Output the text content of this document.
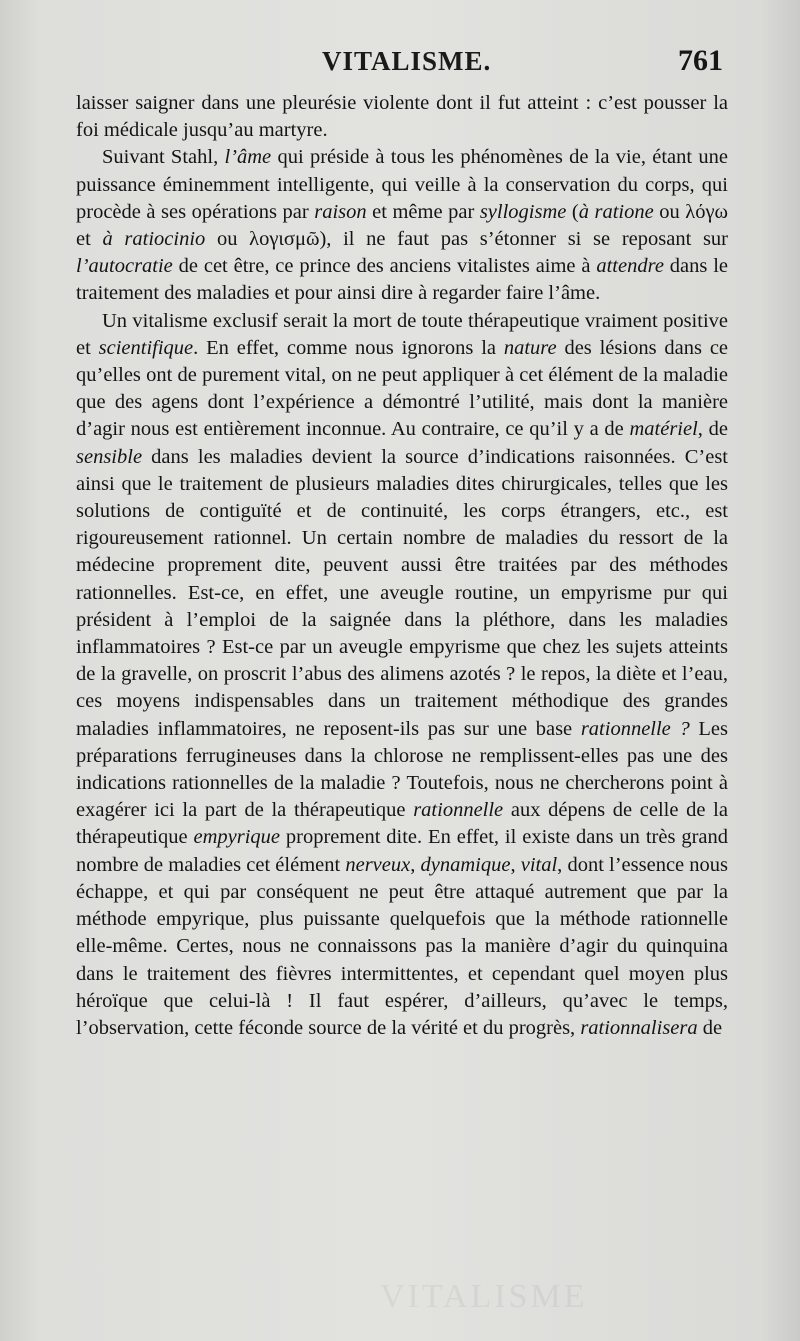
VITALISME.	761

laisser saigner dans une pleurésie violente dont il fut atteint : c’est pousser la foi médicale jusqu’au martyre.

Suivant Stahl, l’âme qui préside à tous les phénomènes de la vie, étant une puissance éminemment intelligente, qui veille à la conservation du corps, qui procède à ses opérations par raison et même par syllogisme (à ratione ou λόγω et à ratiocinio ou λογισμῶ), il ne faut pas s’étonner si se reposant sur l’autocratie de cet être, ce prince des anciens vitalistes aime à attendre dans le traitement des maladies et pour ainsi dire à regarder faire l’âme.

Un vitalisme exclusif serait la mort de toute thérapeutique vraiment positive et scientifique. En effet, comme nous ignorons la nature des lésions dans ce qu’elles ont de purement vital, on ne peut appliquer à cet élément de la maladie que des agens dont l’expérience a démontré l’utilité, mais dont la manière d’agir nous est entièrement inconnue. Au contraire, ce qu’il y a de matériel, de sensible dans les maladies devient la source d’indications raisonnées. C’est ainsi que le traitement de plusieurs maladies dites chirurgicales, telles que les solutions de contiguïté et de continuité, les corps étrangers, etc., est rigoureusement rationnel. Un certain nombre de maladies du ressort de la médecine proprement dite, peuvent aussi être traitées par des méthodes rationnelles. Est-ce, en effet, une aveugle routine, un empyrisme pur qui président à l’emploi de la saignée dans la pléthore, dans les maladies inflammatoires ? Est-ce par un aveugle empyrisme que chez les sujets atteints de la gravelle, on proscrit l’abus des alimens azotés ? le repos, la diète et l’eau, ces moyens indispensables dans un traitement méthodique des grandes maladies inflammatoires, ne reposent-ils pas sur une base rationnelle ? Les préparations ferrugineuses dans la chlorose ne remplissent-elles pas une des indications rationnelles de la maladie ? Toutefois, nous ne chercherons point à exagérer ici la part de la thérapeutique rationnelle aux dépens de celle de la thérapeutique empyrique proprement dite. En effet, il existe dans un très grand nombre de maladies cet élément nerveux, dynamique, vital, dont l’essence nous échappe, et qui par conséquent ne peut être attaqué autrement que par la méthode empyrique, plus puissante quelquefois que la méthode rationnelle elle-même. Certes, nous ne connaissons pas la manière d’agir du quinquina dans le traitement des fièvres intermittentes, et cependant quel moyen plus héroïque que celui-là ! Il faut espérer, d’ailleurs, qu’avec le temps, l’observation, cette féconde source de la vérité et du progrès, rationnalisera de

VITALISME
